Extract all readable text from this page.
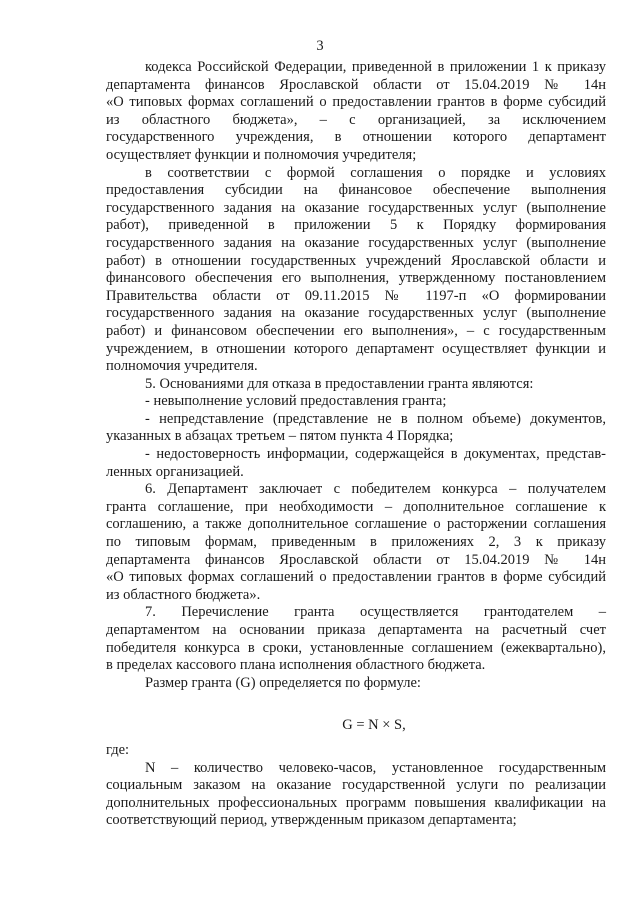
3
кодекса Российской Федерации, приведенной в приложении 1 к приказу
департамента финансов Ярославской области от 15.04.2019 № 14н
«О типовых формах соглашений о предоставлении грантов в форме субсидий
из областного бюджета», – с организацией, за исключением
государственного учреждения, в отношении которого департамент
осуществляет функции и полномочия учредителя;
в соответствии с формой соглашения о порядке и условиях
предоставления субсидии на финансовое обеспечение выполнения
государственного задания на оказание государственных услуг (выполнение
работ), приведенной в приложении 5 к Порядку формирования
государственного задания на оказание государственных услуг (выполнение
работ) в отношении государственных учреждений Ярославской области и
финансового обеспечения его выполнения, утвержденному постановлением
Правительства области от 09.11.2015 № 1197-п «О формировании
государственного задания на оказание государственных услуг (выполнение
работ) и финансовом обеспечении его выполнения», – с государственным
учреждением, в отношении которого департамент осуществляет функции и
полномочия учредителя.
5. Основаниями для отказа в предоставлении гранта являются:
- невыполнение условий предоставления гранта;
- непредставление (представление не в полном объеме) документов,
указанных в абзацах третьем – пятом пункта 4 Порядка;
- недостоверность информации, содержащейся в документах, представ-
ленных организацией.
6. Департамент заключает с победителем конкурса – получателем
гранта соглашение, при необходимости – дополнительное соглашение к
соглашению, а также дополнительное соглашение о расторжении соглашения
по типовым формам, приведенным в приложениях 2, 3 к приказу
департамента финансов Ярославской области от 15.04.2019 № 14н
«О типовых формах соглашений о предоставлении грантов в форме субсидий
из областного бюджета».
7. Перечисление гранта осуществляется грантодателем –
департаментом на основании приказа департамента на расчетный счет
победителя конкурса в сроки, установленные соглашением (ежеквартально),
в пределах кассового плана исполнения областного бюджета.
Размер гранта (G) определяется по формуле:
G = N × S,
где:
N – количество человеко-часов, установленное государственным
социальным заказом на оказание государственной услуги по реализации
дополнительных профессиональных программ повышения квалификации на
соответствующий период, утвержденным приказом департамента;
